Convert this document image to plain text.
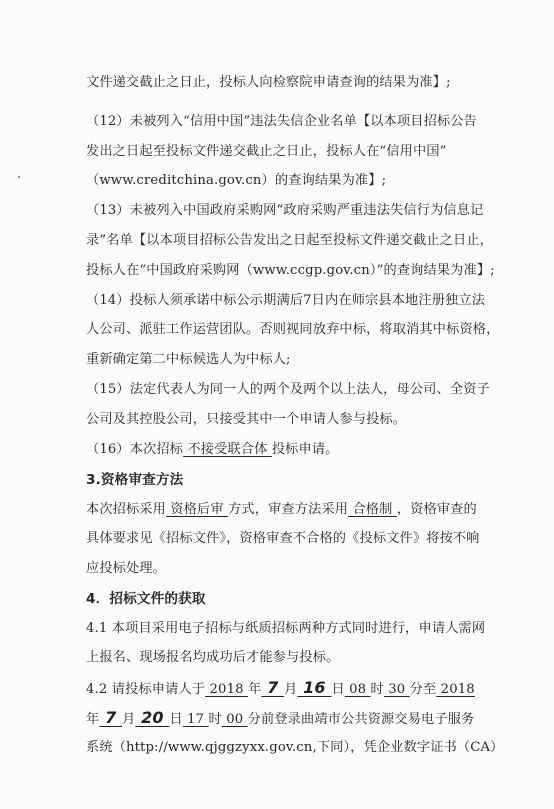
文件递交截止之日止，投标人向检察院申请查询的结果为准】;
（12）未被列入“信用中国”违法失信企业名单【以本项目招标公告
发出之日起至投标文件递交截止之日止，投标人在“信用中国”
（www.creditchina.gov.cn）的查询结果为准】;
（13）未被列入中国政府采购网“政府采购严重违法失信行为信息记
录”名单【以本项目招标公告发出之日起至投标文件递交截止之日止，
投标人在“中国政府采购网（www.ccgp.gov.cn）”的查询结果为准】;
（14）投标人须承诺中标公示期满后7日内在师宗县本地注册独立法
人公司、派驻工作运营团队。否则视同放弃中标，将取消其中标资格，
重新确定第二中标候选人为中标人;
（15）法定代表人为同一人的两个及两个以上法人，母公司、全资子
公司及其控股公司，只接受其中一个申请人参与投标。
（16）本次招标 不接受联合体 投标申请。
3.资格审查方法
本次招标采用 资格后审 方式，审查方法采用 合格制 ，资格审查的
具体要求见《招标文件》，资格审查不合格的《投标文件》将按不响
应投标处理。
4．招标文件的获取
4.1 本项目采用电子招标与纸质招标两种方式同时进行，申请人需网
上报名、现场报名均成功后才能参与投标。
4.2 请投标申请人于 2018 年 7 月 16 日 08 时 30 分至 2018
年 7 月 20 日 17 时 00 分前登录曲靖市公共资源交易电子服务
系统（http://www.qjggzyxx.gov.cn,下同），凭企业数字证书（CA）
